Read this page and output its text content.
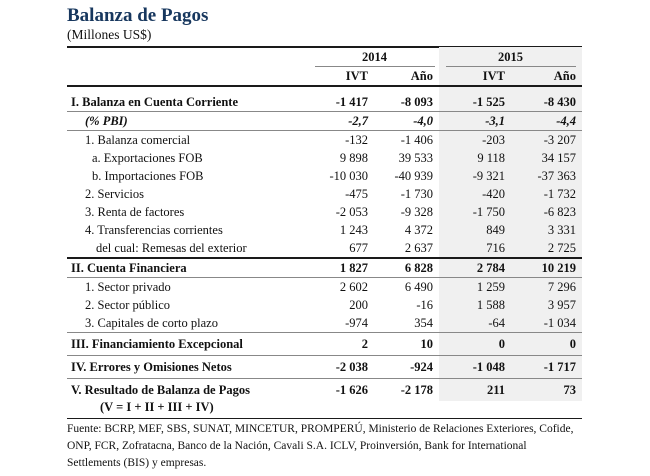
Balanza de Pagos
(Millones US$)
	2014		2015	
	IVT	Año	IVT	Año

I. Balanza en Cuenta Corriente	-1 417	-8 093	-1 525	-8 430
(% PBI)	-2,7	-4,0	-3,1	-4,4
1. Balanza comercial	-132	-1 406	-203	-3 207
a. Exportaciones FOB	9 898	39 533	9 118	34 157
b. Importaciones FOB	-10 030	-40 939	-9 321	-37 363
2. Servicios	-475	-1 730	-420	-1 732
3. Renta de factores	-2 053	-9 328	-1 750	-6 823
4. Transferencias corrientes	1 243	4 372	849	3 331
del cual: Remesas del exterior	677	2 637	716	2 725
II. Cuenta Financiera	1 827	6 828	2 784	10 219
1. Sector privado	2 602	6 490	1 259	7 296
2. Sector público	200	-16	1 588	3 957
3. Capitales de corto plazo	-974	354	-64	-1 034
III. Financiamiento Excepcional	2	10	0	0
IV. Errores y Omisiones Netos	-2 038	-924	-1 048	-1 717
V. Resultado de Balanza de Pagos	-1 626	-2 178	211	73
(V = I + II + III + IV)
Fuente: BCRP, MEF, SBS, SUNAT, MINCETUR, PROMPERÚ, Ministerio de Relaciones Exteriores, Cofide, ONP, FCR, Zofratacna, Banco de la Nación, Cavali S.A. ICLV, Proinversión, Bank for International Settlements (BIS) y empresas.
